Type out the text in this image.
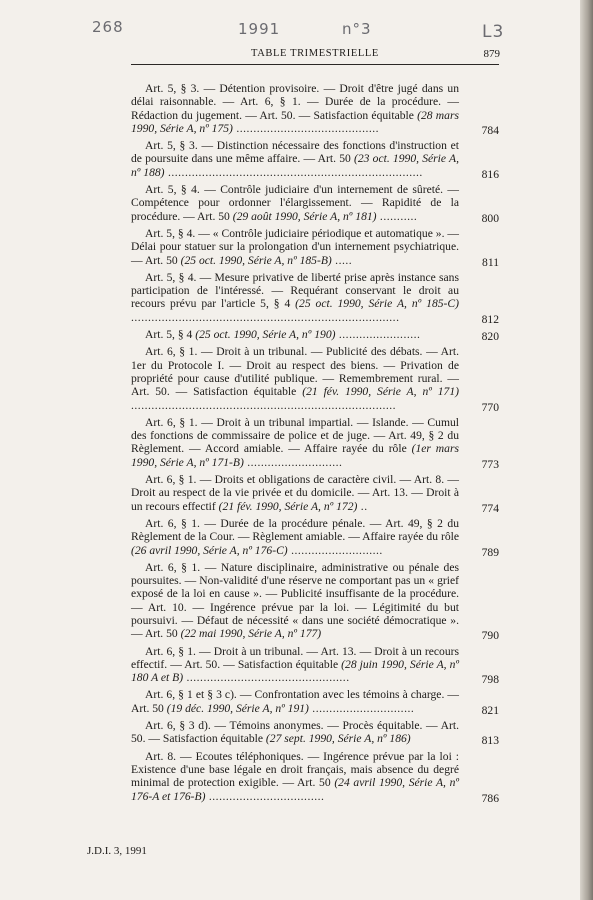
268	1991	n°3	L3
TABLE TRIMESTRIELLE	879
Art. 5, § 3. — Détention provisoire. — Droit d'être jugé dans un délai raisonnable. — Art. 6, § 1. — Durée de la procédure. — Rédaction du jugement. — Art. 50. — Satisfaction équitable (28 mars 1990, Série A, nº 175) ..........................................	784
Art. 5, § 3. — Distinction nécessaire des fonctions d'instruction et de poursuite dans une même affaire. — Art. 50 (23 oct. 1990, Série A, nº 188) ...........................................................................	816
Art. 5, § 4. — Contrôle judiciaire d'un internement de sûreté. — Compétence pour ordonner l'élargissement. — Rapidité de la procédure. — Art. 50 (29 août 1990, Série A, nº 181) ...........	800
Art. 5, § 4. — « Contrôle judiciaire périodique et automatique ». — Délai pour statuer sur la prolongation d'un internement psychiatrique. — Art. 50 (25 oct. 1990, Série A, nº 185-B) .....	811
Art. 5, § 4. — Mesure privative de liberté prise après instance sans participation de l'intéressé. — Requérant conservant le droit au recours prévu par l'article 5, § 4 (25 oct. 1990, Série A, nº 185-C) ...............................................................................	812
Art. 5, § 4 (25 oct. 1990, Série A, nº 190) ........................	820
Art. 6, § 1. — Droit à un tribunal. — Publicité des débats. — Art. 1er du Protocole I. — Droit au respect des biens. — Privation de propriété pour cause d'utilité publique. — Remembrement rural. — Art. 50. — Satisfaction équitable (21 fév. 1990, Série A, nº 171) ..............................................................................	770
Art. 6, § 1. — Droit à un tribunal impartial. — Islande. — Cumul des fonctions de commissaire de police et de juge. — Art. 49, § 2 du Règlement. — Accord amiable. — Affaire rayée du rôle (1er mars 1990, Série A, nº 171-B) ............................	773
Art. 6, § 1. — Droits et obligations de caractère civil. — Art. 8. — Droit au respect de la vie privée et du domicile. — Art. 13. — Droit à un recours effectif (21 fév. 1990, Série A, nº 172) ..	774
Art. 6, § 1. — Durée de la procédure pénale. — Art. 49, § 2 du Règlement de la Cour. — Règlement amiable. — Affaire rayée du rôle (26 avril 1990, Série A, nº 176-C) ...........................	789
Art. 6, § 1. — Nature disciplinaire, administrative ou pénale des poursuites. — Non-validité d'une réserve ne comportant pas un « grief exposé de la loi en cause ». — Publicité insuffisante de la procédure. — Art. 10. — Ingérence prévue par la loi. — Légitimité du but poursuivi. — Défaut de nécessité « dans une société démocratique ». — Art. 50 (22 mai 1990, Série A, nº 177)	790
Art. 6, § 1. — Droit à un tribunal. — Art. 13. — Droit à un recours effectif. — Art. 50. — Satisfaction équitable (28 juin 1990, Série A, nº 180 A et B) ................................................	798
Art. 6, § 1 et § 3 c). — Confrontation avec les témoins à charge. — Art. 50 (19 déc. 1990, Série A, nº 191) ..............................	821
Art. 6, § 3 d). — Témoins anonymes. — Procès équitable. — Art. 50. — Satisfaction équitable (27 sept. 1990, Série A, nº 186)	813
Art. 8. — Ecoutes téléphoniques. — Ingérence prévue par la loi : Existence d'une base légale en droit français, mais absence du degré minimal de protection exigible. — Art. 50 (24 avril 1990, Série A, nº 176-A et 176-B) ..................................	786
J.D.I. 3, 1991
